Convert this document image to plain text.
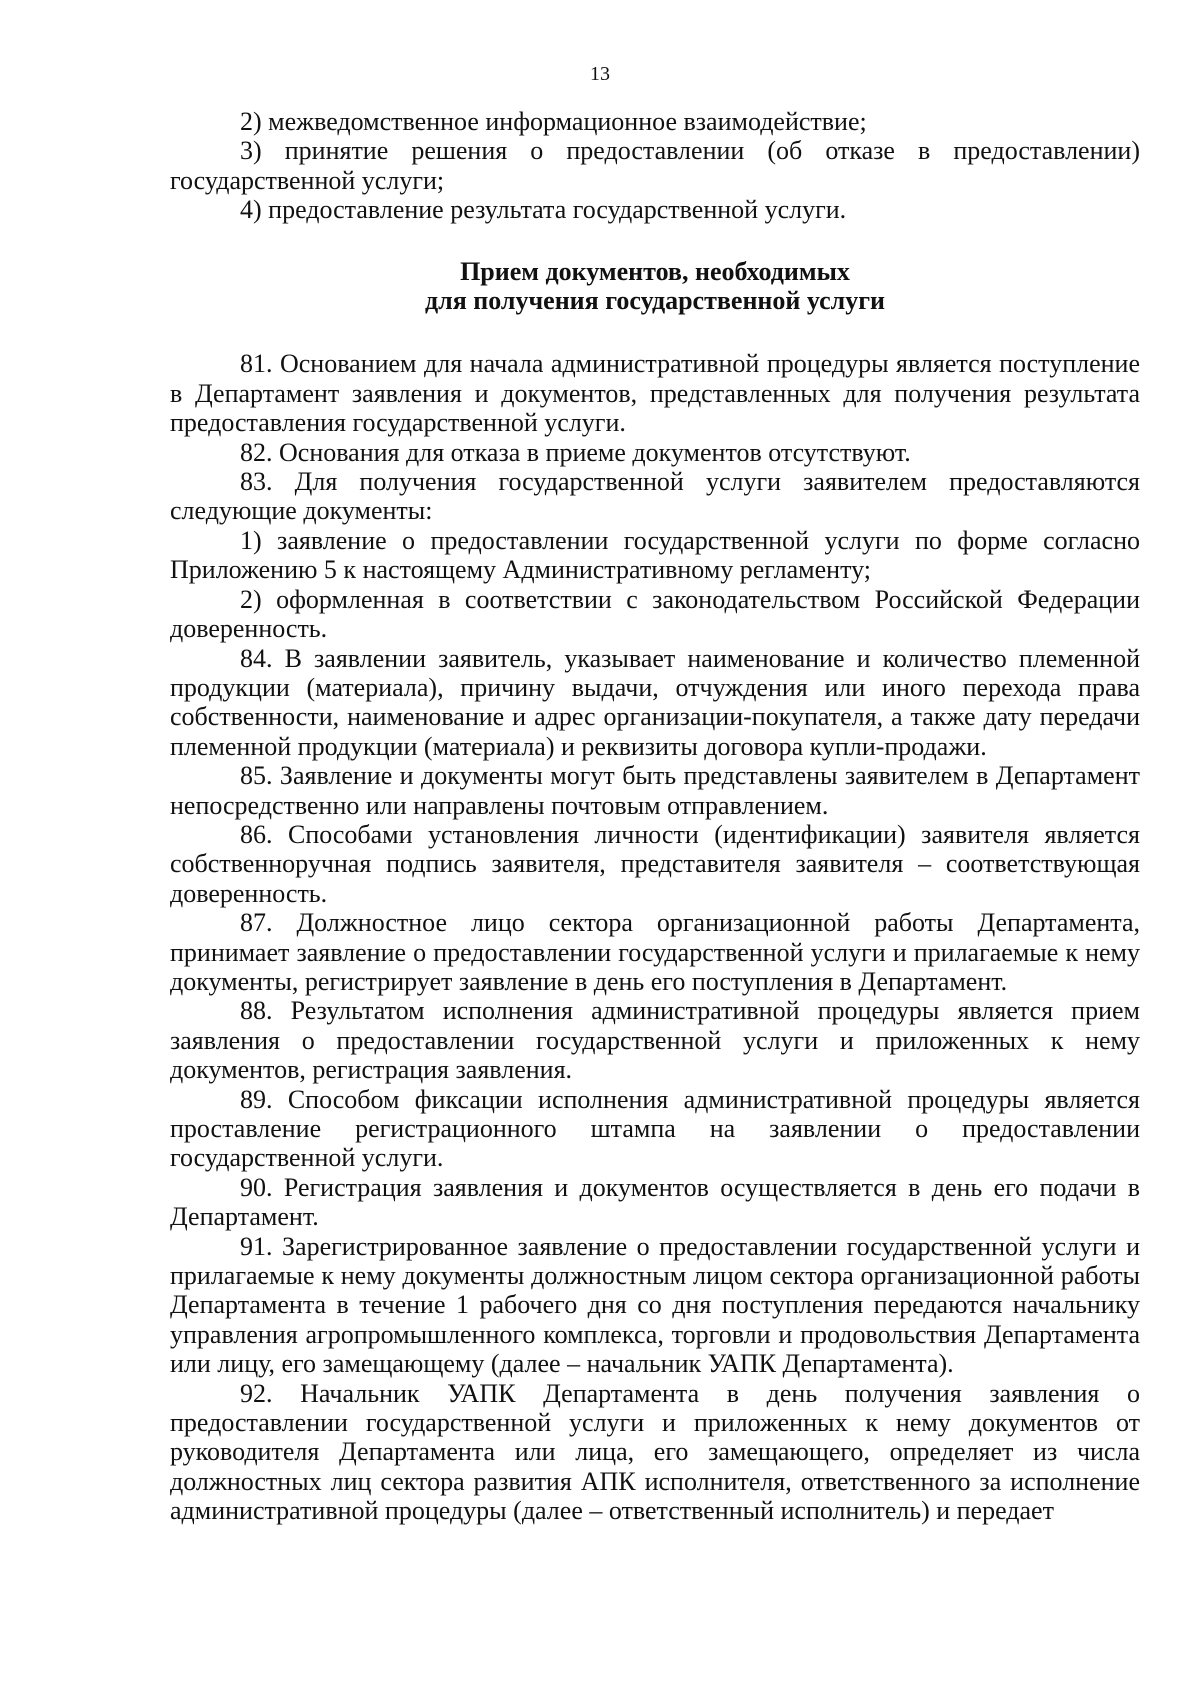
13

2) межведомственное информационное взаимодействие;

3) принятие решения о предоставлении (об отказе в предоставлении) государственной услуги;

4) предоставление результата государственной услуги.

Прием документов, необходимых
для получения государственной услуги

81. Основанием для начала административной процедуры является поступление в Департамент заявления и документов, представленных для получения результата предоставления государственной услуги.

82. Основания для отказа в приеме документов отсутствуют.

83. Для получения государственной услуги заявителем предоставляются следующие документы:

1) заявление о предоставлении государственной услуги по форме согласно Приложению 5 к настоящему Административному регламенту;

2) оформленная в соответствии с законодательством Российской Федерации доверенность.

84. В заявлении заявитель, указывает наименование и количество племенной продукции (материала), причину выдачи, отчуждения или иного перехода права собственности, наименование и адрес организации-покупателя, а также дату передачи племенной продукции (материала) и реквизиты договора купли-продажи.

85. Заявление и документы могут быть представлены заявителем в Департамент непосредственно или направлены почтовым отправлением.

86. Способами установления личности (идентификации) заявителя является собственноручная подпись заявителя, представителя заявителя – соответствующая доверенность.

87. Должностное лицо сектора организационной работы Департамента, принимает заявление о предоставлении государственной услуги и прилагаемые к нему документы, регистрирует заявление в день его поступления в Департамент.

88. Результатом исполнения административной процедуры является прием заявления о предоставлении государственной услуги и приложенных к нему документов, регистрация заявления.

89. Способом фиксации исполнения административной процедуры является проставление регистрационного штампа на заявлении о предоставлении государственной услуги.

90. Регистрация заявления и документов осуществляется в день его подачи в Департамент.

91. Зарегистрированное заявление о предоставлении государственной услуги и прилагаемые к нему документы должностным лицом сектора организационной работы Департамента в течение 1 рабочего дня со дня поступления передаются начальнику управления агропромышленного комплекса, торговли и продовольствия Департамента или лицу, его замещающему (далее – начальник УАПК Департамента).

92. Начальник УАПК Департамента в день получения заявления о предоставлении государственной услуги и приложенных к нему документов от руководителя Департамента или лица, его замещающего, определяет из числа должностных лиц сектора развития АПК исполнителя, ответственного за исполнение административной процедуры (далее – ответственный исполнитель) и передает
